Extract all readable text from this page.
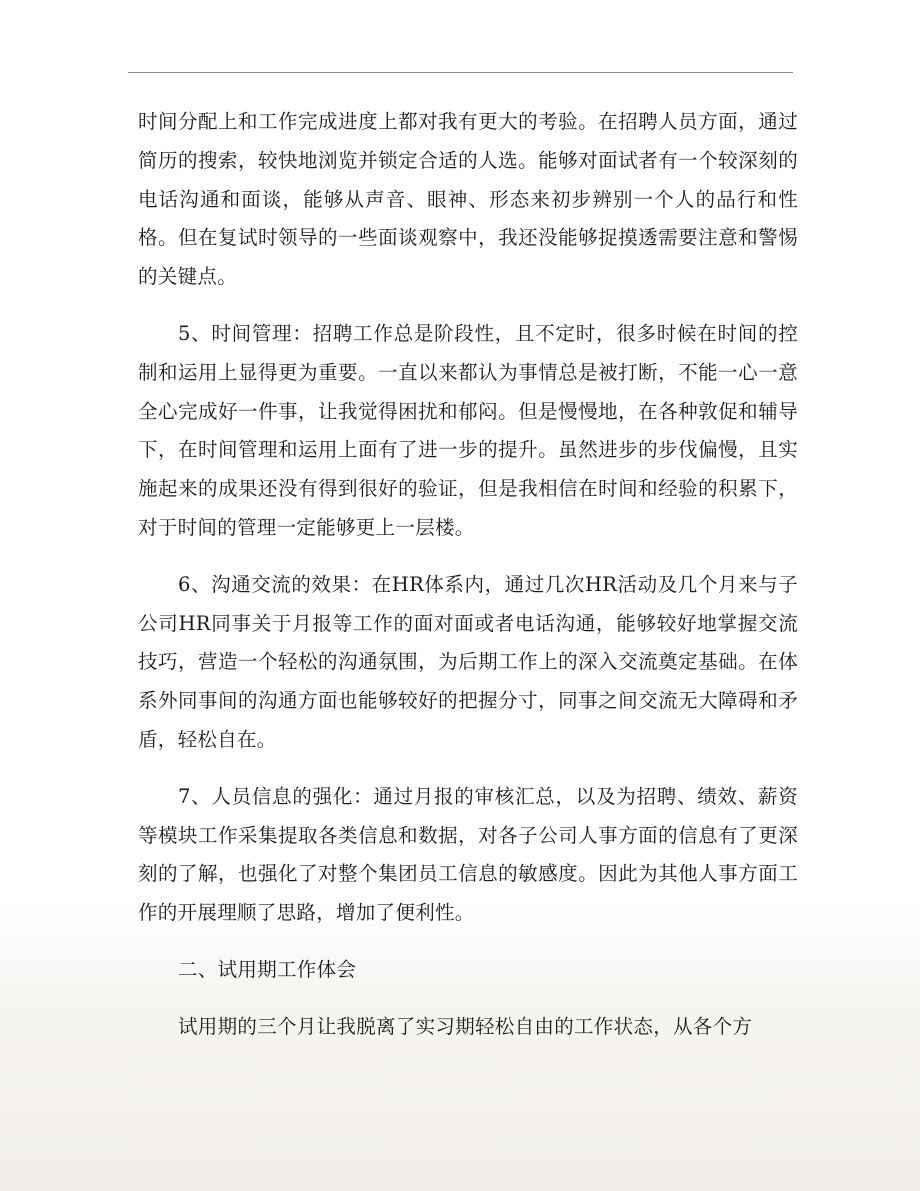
时间分配上和工作完成进度上都对我有更大的考验。在招聘人员方面，通过简历的搜索，较快地浏览并锁定合适的人选。能够对面试者有一个较深刻的电话沟通和面谈，能够从声音、眼神、形态来初步辨别一个人的品行和性格。但在复试时领导的一些面谈观察中，我还没能够捉摸透需要注意和警惕的关键点。

5、时间管理：招聘工作总是阶段性，且不定时，很多时候在时间的控制和运用上显得更为重要。一直以来都认为事情总是被打断，不能一心一意全心完成好一件事，让我觉得困扰和郁闷。但是慢慢地，在各种敦促和辅导下，在时间管理和运用上面有了进一步的提升。虽然进步的步伐偏慢，且实施起来的成果还没有得到很好的验证，但是我相信在时间和经验的积累下，对于时间的管理一定能够更上一层楼。

6、沟通交流的效果：在HR体系内，通过几次HR活动及几个月来与子公司HR同事关于月报等工作的面对面或者电话沟通，能够较好地掌握交流技巧，营造一个轻松的沟通氛围，为后期工作上的深入交流奠定基础。在体系外同事间的沟通方面也能够较好的把握分寸，同事之间交流无大障碍和矛盾，轻松自在。

7、人员信息的强化：通过月报的审核汇总，以及为招聘、绩效、薪资等模块工作采集提取各类信息和数据，对各子公司人事方面的信息有了更深刻的了解，也强化了对整个集团员工信息的敏感度。因此为其他人事方面工作的开展理顺了思路，增加了便利性。

二、试用期工作体会

试用期的三个月让我脱离了实习期轻松自由的工作状态，从各个方
